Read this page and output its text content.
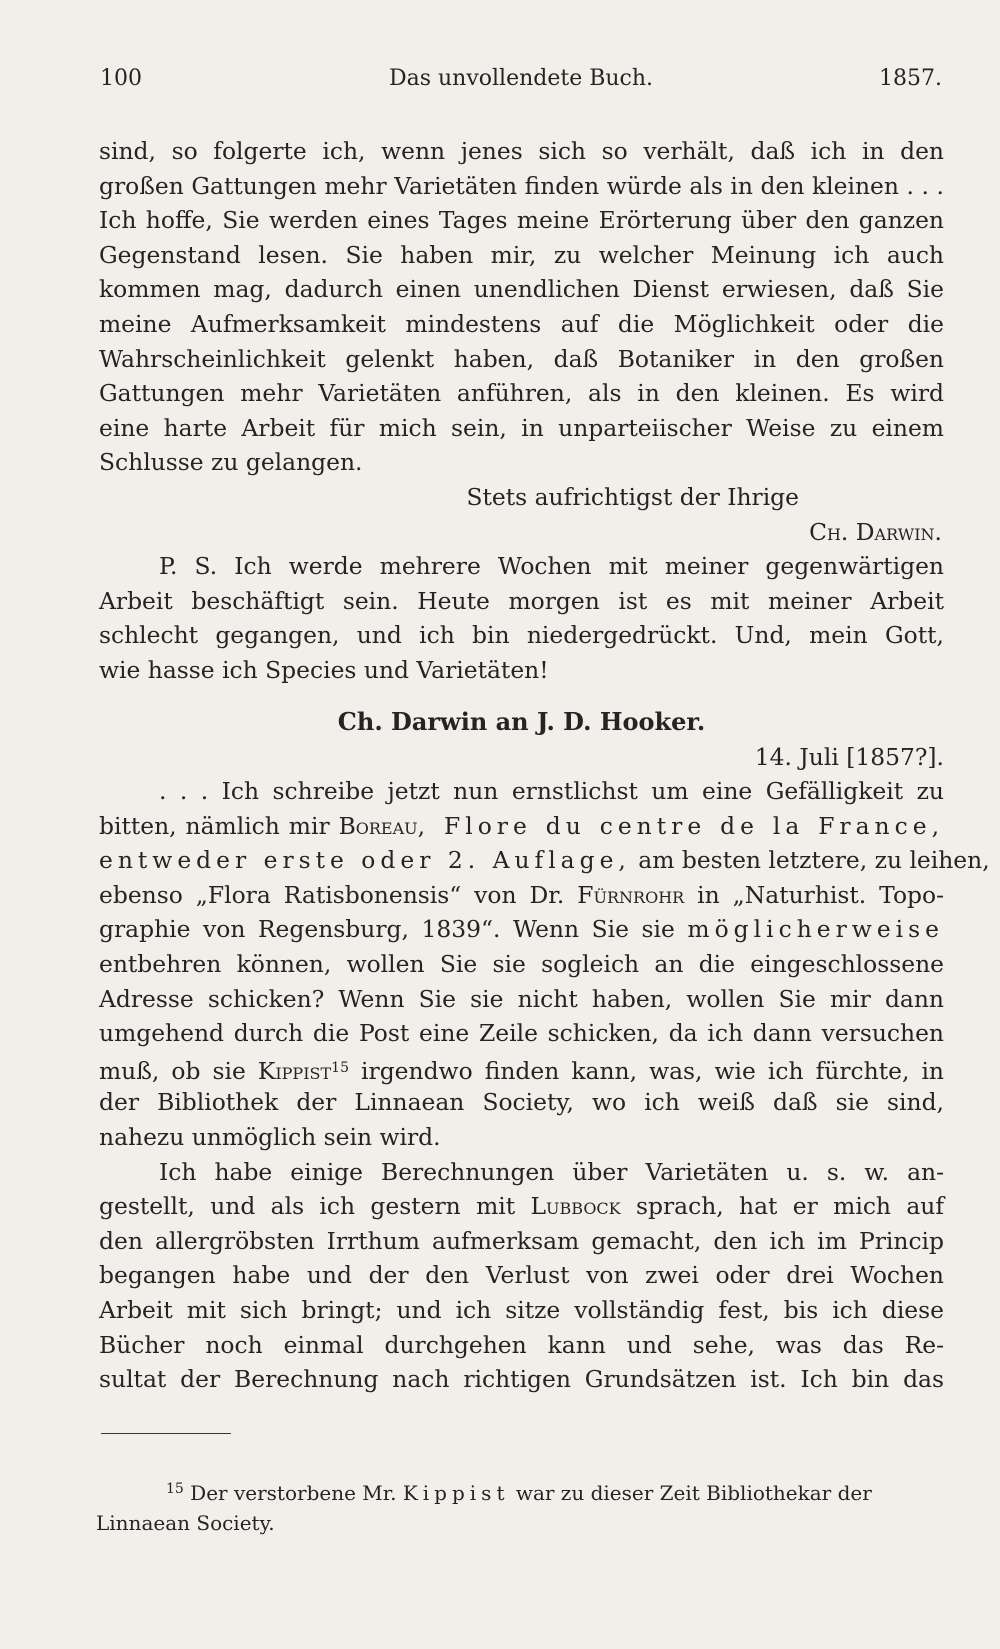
100	Das unvollendete Buch.	1857.
sind, so folgerte ich, wenn jenes sich so verhält, daß ich in den
großen Gattungen mehr Varietäten finden würde als in den kleinen . . .
Ich hoffe, Sie werden eines Tages meine Erörterung über den ganzen
Gegenstand lesen. Sie haben mir, zu welcher Meinung ich auch
kommen mag, dadurch einen unendlichen Dienst erwiesen, daß Sie
meine Aufmerksamkeit mindestens auf die Möglichkeit oder die
Wahrscheinlichkeit gelenkt haben, daß Botaniker in den großen
Gattungen mehr Varietäten anführen, als in den kleinen. Es wird
eine harte Arbeit für mich sein, in unparteiischer Weise zu einem
Schlusse zu gelangen.
Stets aufrichtigst der Ihrige
Ch. Darwin.
P. S. Ich werde mehrere Wochen mit meiner gegenwärtigen
Arbeit beschäftigt sein. Heute morgen ist es mit meiner Arbeit
schlecht gegangen, und ich bin niedergedrückt. Und, mein Gott,
wie hasse ich Species und Varietäten!
Ch. Darwin an J. D. Hooker.
14. Juli [1857?].
. . . Ich schreibe jetzt nun ernstlichst um eine Gefälligkeit zu
bitten, nämlich mir Boreau, Flore du centre de la France,
entweder erste oder 2. Auflage, am besten letztere, zu leihen,
ebenso „Flora Ratisbonensis“ von Dr. Fürnrohr in „Naturhist. Topo-
graphie von Regensburg, 1839“. Wenn Sie sie möglicherweise
entbehren können, wollen Sie sie sogleich an die eingeschlossene
Adresse schicken? Wenn Sie sie nicht haben, wollen Sie mir dann
umgehend durch die Post eine Zeile schicken, da ich dann versuchen
muß, ob sie Kippist$^{15}$ irgendwo finden kann, was, wie ich fürchte, in
der Bibliothek der Linnaean Society, wo ich weiß daß sie sind,
nahezu unmöglich sein wird.
Ich habe einige Berechnungen über Varietäten u. s. w. an-
gestellt, und als ich gestern mit Lubbock sprach, hat er mich auf
den allergröbsten Irrthum aufmerksam gemacht, den ich im Princip
begangen habe und der den Verlust von zwei oder drei Wochen
Arbeit mit sich bringt; und ich sitze vollständig fest, bis ich diese
Bücher noch einmal durchgehen kann und sehe, was das Re-
sultat der Berechnung nach richtigen Grundsätzen ist. Ich bin das
$^{15}$ Der verstorbene Mr. Kippist war zu dieser Zeit Bibliothekar der
Linnaean Society.
